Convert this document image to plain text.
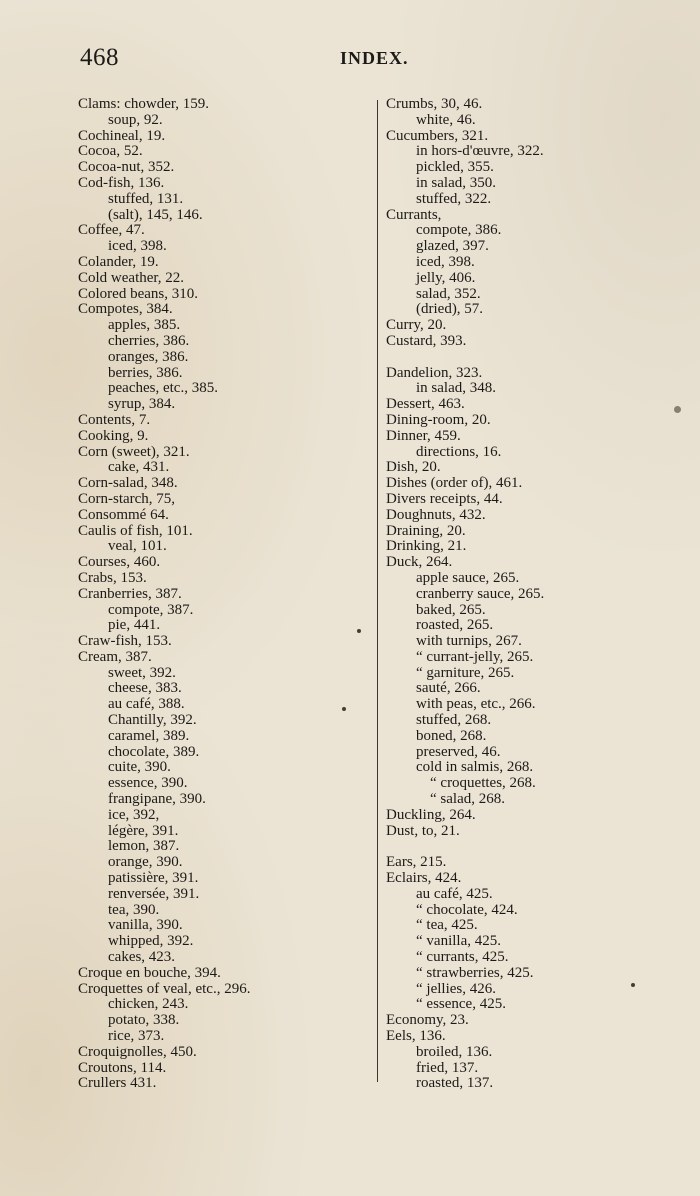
468	INDEX.
Clams: chowder, 159.
soup, 92.
Cochineal, 19.
Cocoa, 52.
Cocoa-nut, 352.
Cod-fish, 136.
stuffed, 131.
(salt), 145, 146.
Coffee, 47.
iced, 398.
Colander, 19.
Cold weather, 22.
Colored beans, 310.
Compotes, 384.
apples, 385.
cherries, 386.
oranges, 386.
berries, 386.
peaches, etc., 385.
syrup, 384.
Contents, 7.
Cooking, 9.
Corn (sweet), 321.
cake, 431.
Corn-salad, 348.
Corn-starch, 75,
Consommé 64.
Caulis of fish, 101.
veal, 101.
Courses, 460.
Crabs, 153.
Cranberries, 387.
compote, 387.
pie, 441.
Craw-fish, 153.
Cream, 387.
sweet, 392.
cheese, 383.
au café, 388.
Chantilly, 392.
caramel, 389.
chocolate, 389.
cuite, 390.
essence, 390.
frangipane, 390.
ice, 392,
légère, 391.
lemon, 387.
orange, 390.
patissière, 391.
renversée, 391.
tea, 390.
vanilla, 390.
whipped, 392.
cakes, 423.
Croque en bouche, 394.
Croquettes of veal, etc., 296.
chicken, 243.
potato, 338.
rice, 373.
Croquignolles, 450.
Croutons, 114.
Crullers 431.
Crumbs, 30, 46.
white, 46.
Cucumbers, 321.
in hors-d'œuvre, 322.
pickled, 355.
in salad, 350.
stuffed, 322.
Currants,
compote, 386.
glazed, 397.
iced, 398.
jelly, 406.
salad, 352.
(dried), 57.
Curry, 20.
Custard, 393.
Dandelion, 323.
in salad, 348.
Dessert, 463.
Dining-room, 20.
Dinner, 459.
directions, 16.
Dish, 20.
Dishes (order of), 461.
Divers receipts, 44.
Doughnuts, 432.
Draining, 20.
Drinking, 21.
Duck, 264.
apple sauce, 265.
cranberry sauce, 265.
baked, 265.
roasted, 265.
with turnips, 267.
“ currant-jelly, 265.
“ garniture, 265.
sauté, 266.
with peas, etc., 266.
stuffed, 268.
boned, 268.
preserved, 46.
cold in salmis, 268.
“ croquettes, 268.
“ salad, 268.
Duckling, 264.
Dust, to, 21.
Ears, 215.
Eclairs, 424.
au café, 425.
“ chocolate, 424.
“ tea, 425.
“ vanilla, 425.
“ currants, 425.
“ strawberries, 425.
“ jellies, 426.
“ essence, 425.
Economy, 23.
Eels, 136.
broiled, 136.
fried, 137.
roasted, 137.
